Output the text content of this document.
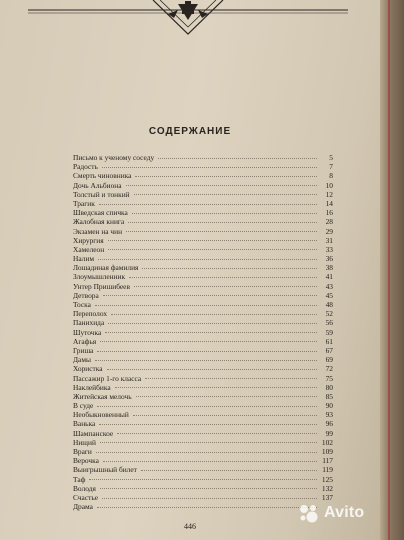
СОДЕРЖАНИЕ
Письмо к ученому соседу	5
Радость	7
Смерть чиновника	8
Дочь Альбиона	10
Толстый и тонкий	12
Трагик	14
Шведская спичка	16
Жалобная книга	28
Экзамен на чин	29
Хирургия	31
Хамелеон	33
Налим	36
Лошадиная фамилия	38
Злоумышленник	41
Унтер Пришибеев	43
Детвора	45
Тоска	48
Переполох	52
Панихида	56
Шуточка	59
Агафья	61
Гриша	67
Дамы	69
Хористка	72
Пассажир 1-го класса	75
Наклейбика	80
Житейская мелочь	85
В суде	90
Необыкновенный	93
Ванька	96
Шампанское	99
Нищий	102
Враги	109
Верочка	117
Выигрышный билет	119
Таф	125
Володя	132
Счастье	137
Драма
446
Avito
